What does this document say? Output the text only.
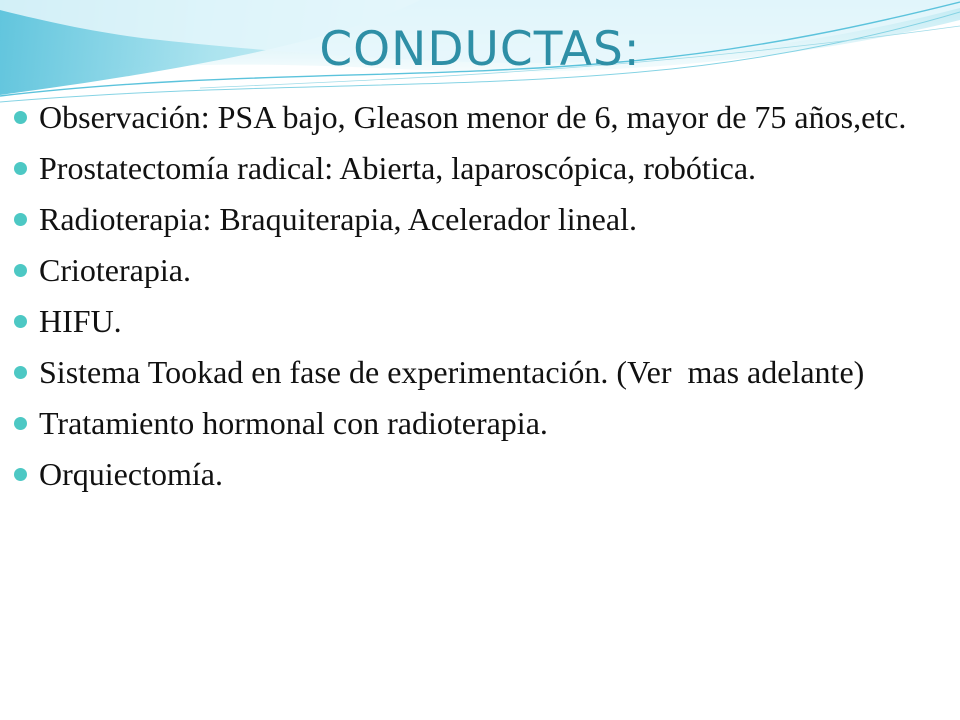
CONDUCTAS:
Observación: PSA bajo, Gleason menor de 6, mayor de 75 años,etc.
Prostatectomía radical: Abierta, laparoscópica, robótica.
Radioterapia: Braquiterapia, Acelerador lineal.
Crioterapia.
HIFU.
Sistema Tookad en fase de experimentación. (Ver  mas adelante)
Tratamiento hormonal con radioterapia.
Orquiectomía.
